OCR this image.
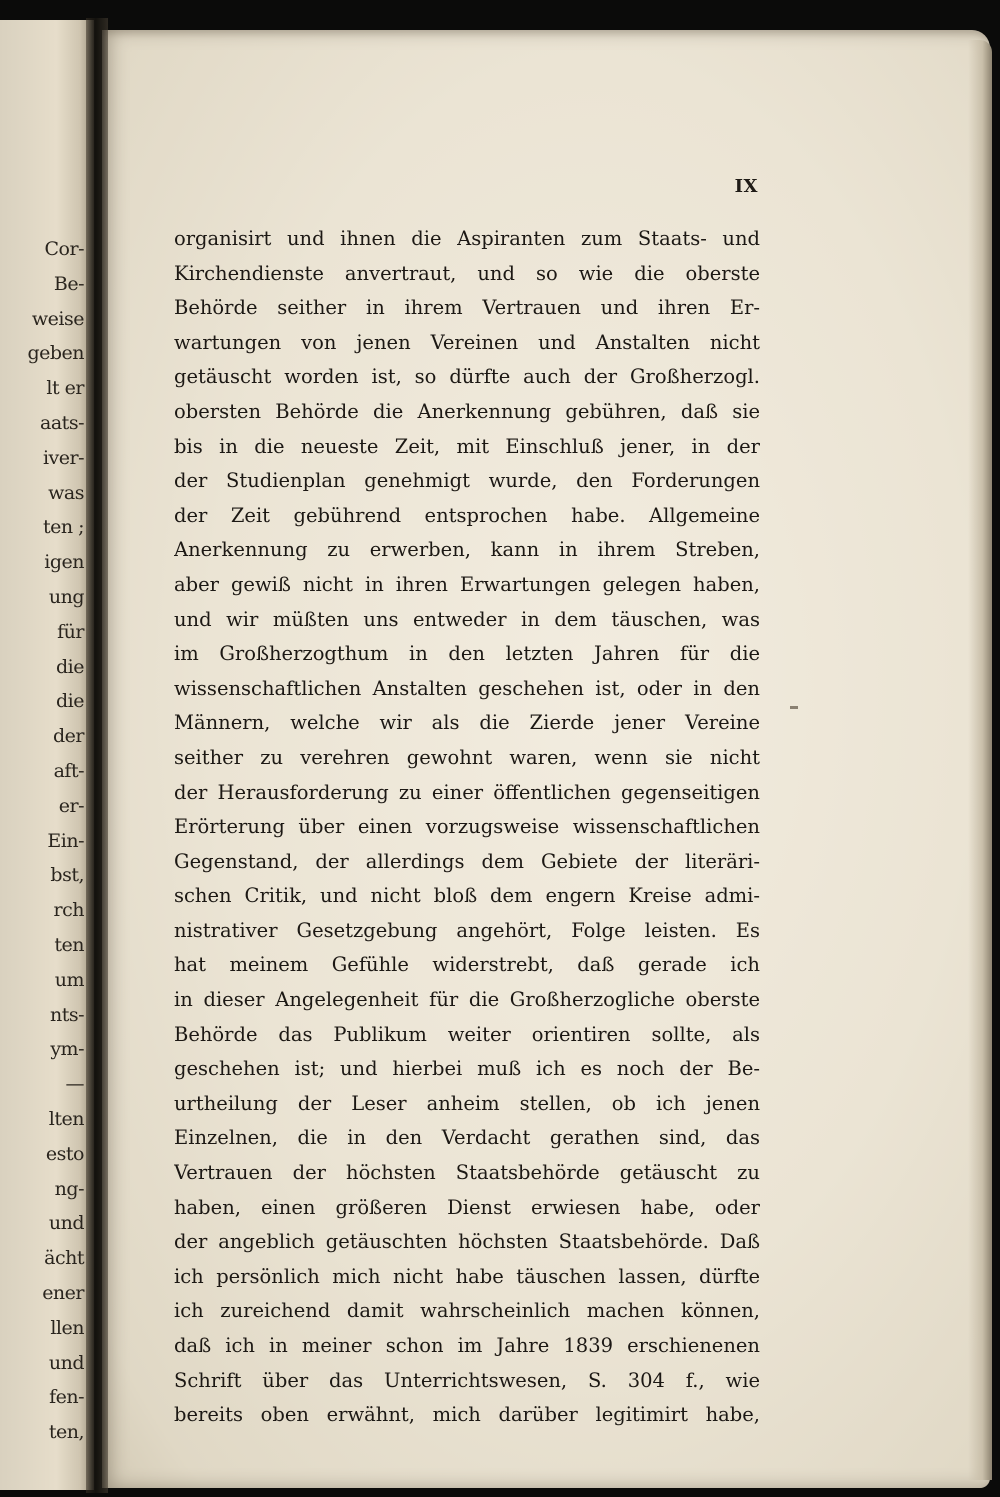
Cor-
Be-
weise
geben
lt er
aats-
iver-
was
ten ;
igen
ung
für
die
die
der
aft-
er-
Ein-
bst,
rch
ten
um
nts-
ym-
—
lten
esto
ng-
und
ächt
ener
llen
und
fen-
ten,
IX
organisirt und ihnen die Aspiranten zum Staats- und
Kirchendienste anvertraut, und so wie die oberste
Behörde seither in ihrem Vertrauen und ihren Er-
wartungen von jenen Vereinen und Anstalten nicht
getäuscht worden ist, so dürfte auch der Großherzogl.
obersten Behörde die Anerkennung gebühren, daß sie
bis in die neueste Zeit, mit Einschluß jener, in der
der Studienplan genehmigt wurde, den Forderungen
der Zeit gebührend entsprochen habe. Allgemeine
Anerkennung zu erwerben, kann in ihrem Streben,
aber gewiß nicht in ihren Erwartungen gelegen haben,
und wir müßten uns entweder in dem täuschen, was
im Großherzogthum in den letzten Jahren für die
wissenschaftlichen Anstalten geschehen ist, oder in den
Männern, welche wir als die Zierde jener Vereine
seither zu verehren gewohnt waren, wenn sie nicht
der Herausforderung zu einer öffentlichen gegenseitigen
Erörterung über einen vorzugsweise wissenschaftlichen
Gegenstand, der allerdings dem Gebiete der literäri-
schen Critik, und nicht bloß dem engern Kreise admi-
nistrativer Gesetzgebung angehört, Folge leisten. Es
hat meinem Gefühle widerstrebt, daß gerade ich
in dieser Angelegenheit für die Großherzogliche oberste
Behörde das Publikum weiter orientiren sollte, als
geschehen ist; und hierbei muß ich es noch der Be-
urtheilung der Leser anheim stellen, ob ich jenen
Einzelnen, die in den Verdacht gerathen sind, das
Vertrauen der höchsten Staatsbehörde getäuscht zu
haben, einen größeren Dienst erwiesen habe, oder
der angeblich getäuschten höchsten Staatsbehörde. Daß
ich persönlich mich nicht habe täuschen lassen, dürfte
ich zureichend damit wahrscheinlich machen können,
daß ich in meiner schon im Jahre 1839 erschienenen
Schrift über das Unterrichtswesen, S. 304 f., wie
bereits oben erwähnt, mich darüber legitimirt habe,
